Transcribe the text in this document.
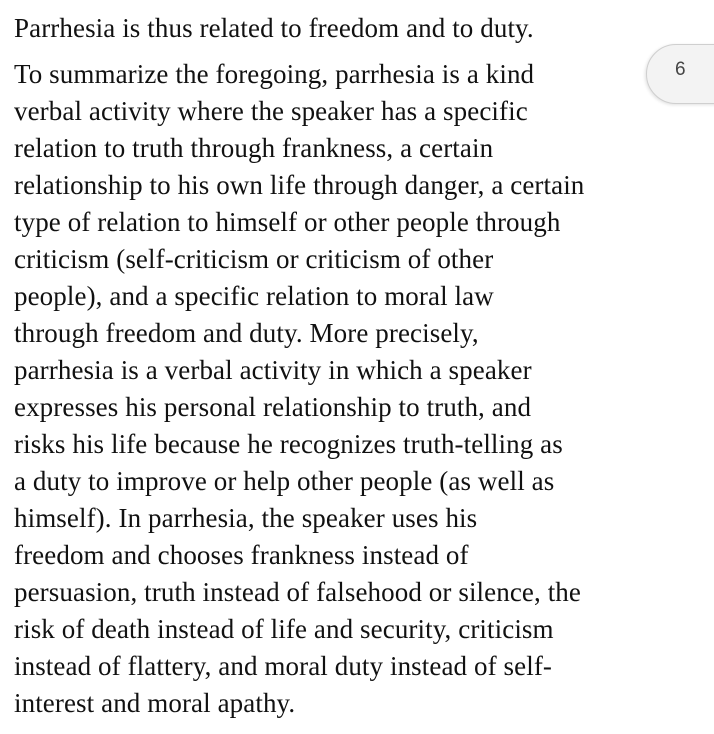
Parrhesia is thus related to freedom and to duty.
To summarize the foregoing, parrhesia is a kind
verbal activity where the speaker has a specific
relation to truth through frankness, a certain
relationship to his own life through danger, a certain
type of relation to himself or other people through
criticism (self-criticism or criticism of other
people), and a specific relation to moral law
through freedom and duty. More precisely,
parrhesia is a verbal activity in which a speaker
expresses his personal relationship to truth, and
risks his life because he recognizes truth-telling as
a duty to improve or help other people (as well as
himself). In parrhesia, the speaker uses his
freedom and chooses frankness instead of
persuasion, truth instead of falsehood or silence, the
risk of death instead of life and security, criticism
instead of flattery, and moral duty instead of self-
interest and moral apathy.
6
